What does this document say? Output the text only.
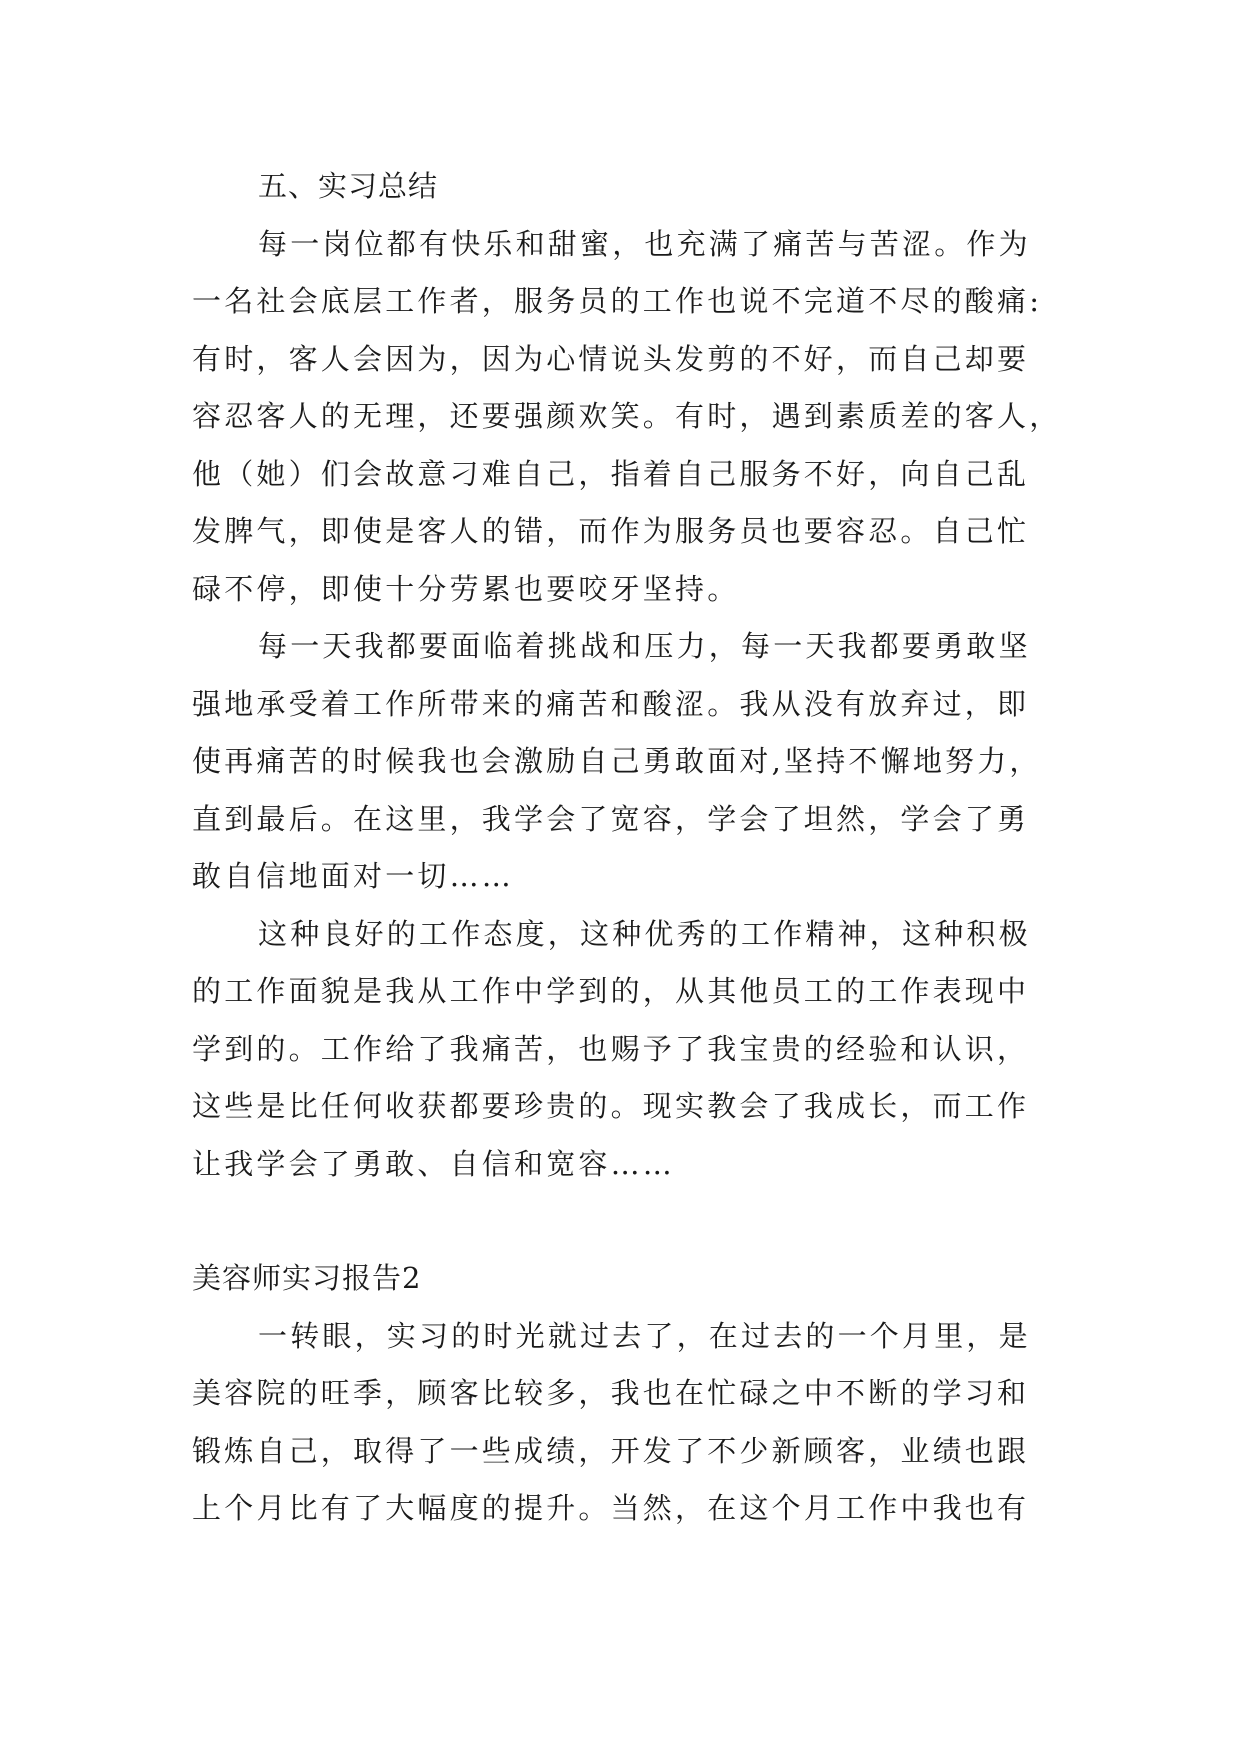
五、实习总结
每一岗位都有快乐和甜蜜，也充满了痛苦与苦涩。作为
一名社会底层工作者，服务员的工作也说不完道不尽的酸痛:
有时，客人会因为，因为心情说头发剪的不好，而自己却要
容忍客人的无理，还要强颜欢笑。有时，遇到素质差的客人，
他（她）们会故意刁难自己，指着自己服务不好，向自己乱
发脾气，即使是客人的错，而作为服务员也要容忍。自己忙
碌不停，即使十分劳累也要咬牙坚持。
每一天我都要面临着挑战和压力，每一天我都要勇敢坚
强地承受着工作所带来的痛苦和酸涩。我从没有放弃过，即
使再痛苦的时候我也会激励自己勇敢面对,坚持不懈地努力，
直到最后。在这里，我学会了宽容，学会了坦然，学会了勇
敢自信地面对一切……
这种良好的工作态度，这种优秀的工作精神，这种积极
的工作面貌是我从工作中学到的，从其他员工的工作表现中
学到的。工作给了我痛苦，也赐予了我宝贵的经验和认识，
这些是比任何收获都要珍贵的。现实教会了我成长，而工作
让我学会了勇敢、自信和宽容……
美容师实习报告2
一转眼，实习的时光就过去了，在过去的一个月里，是
美容院的旺季，顾客比较多，我也在忙碌之中不断的学习和
锻炼自己，取得了一些成绩，开发了不少新顾客，业绩也跟
上个月比有了大幅度的提升。当然，在这个月工作中我也有
